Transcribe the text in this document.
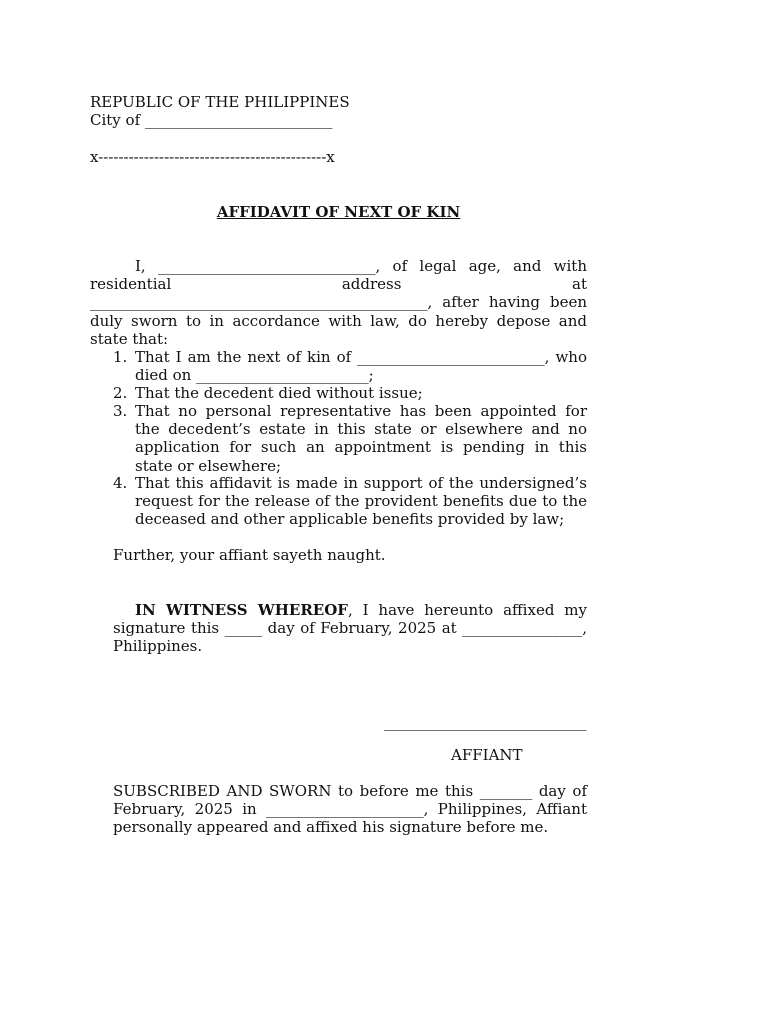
REPUBLIC OF THE PHILIPPINES
City of _________________________
x---------------------------------------------x
AFFIDAVIT OF NEXT OF KIN
I, _____________________________, of legal age, and with
residential	address	at
_____________________________________________,  after  having  been
duly sworn to in accordance with law, do hereby depose and state that:
1. That I am the next of kin of _________________________, who died on _______________________;
2. That the decedent died without issue;
3. That no personal representative has been appointed for the decedent’s estate in this state or elsewhere and no application for such an appointment is pending in this state or elsewhere;
4. That this affidavit is made in support of the undersigned’s request for the release of the provident benefits due to the deceased and other applicable benefits provided by law;
Further, your affiant sayeth naught.
IN WITNESS WHEREOF, I have hereunto affixed my signature this _____ day of February, 2025 at ________________, Philippines.
___________________________
AFFIANT
SUBSCRIBED AND SWORN to before me this _______ day of February, 2025 in _____________________, Philippines, Affiant personally appeared and affixed his signature before me.
